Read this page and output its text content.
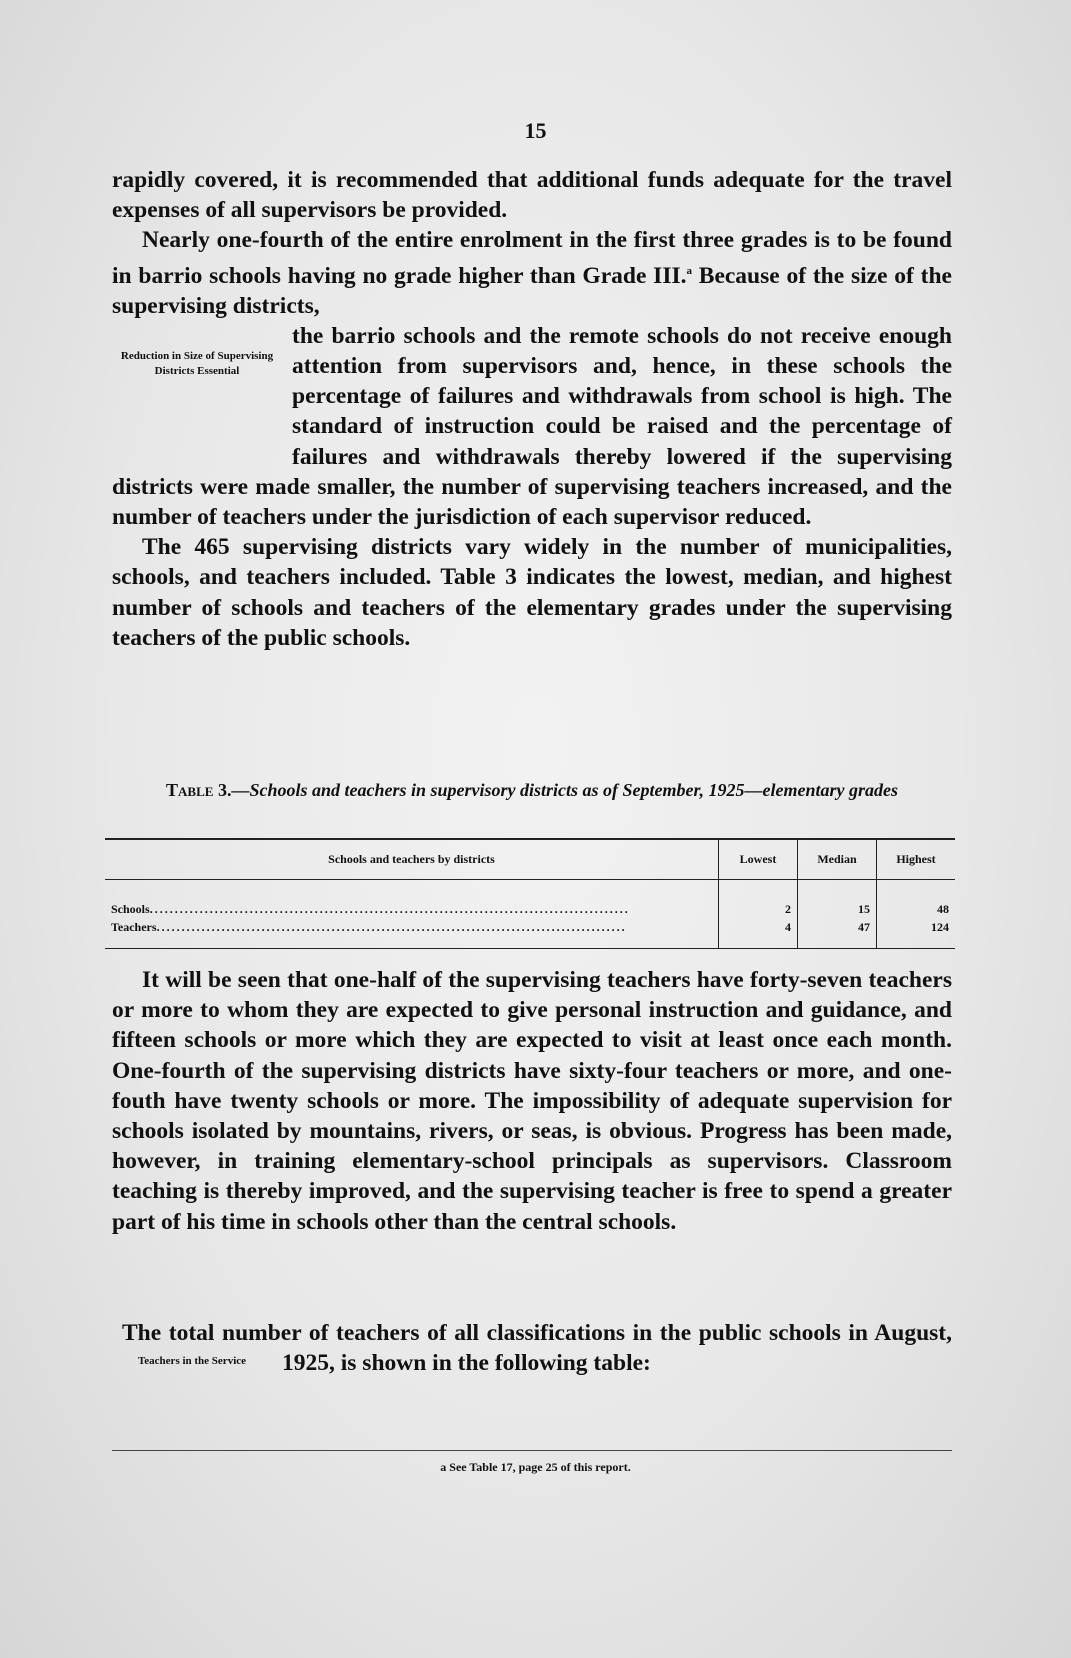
15

rapidly covered, it is recommended that additional funds adequate for the travel expenses of all supervisors be provided.

Nearly one-fourth of the entire enrolment in the first three grades is to be found in barrio schools having no grade higher than Grade III.$^a$ Because of the size of the supervising districts,

Reduction in Size of Supervising Districts Essential

the barrio schools and the remote schools do not receive enough attention from supervisors and, hence, in these schools the percentage of failures and withdrawals from school is high. The standard of instruction could be raised and the percentage of failures and withdrawals thereby lowered if the supervising districts were made smaller, the number of supervising teachers increased, and the number of teachers under the jurisdiction of each supervisor reduced.

The 465 supervising districts vary widely in the number of municipalities, schools, and teachers included. Table 3 indicates the lowest, median, and highest number of schools and teachers of the elementary grades under the supervising teachers of the public schools.

Table 3.—Schools and teachers in supervisory districts as of September, 1925—elementary grades
Schools and teachers by districts	Lowest	Median	Highest
Schools................................................................................................	2	15	48
Teachers..............................................................................................	4	47	124

It will be seen that one-half of the supervising teachers have forty-seven teachers or more to whom they are expected to give personal instruction and guidance, and fifteen schools or more which they are expected to visit at least once each month. One-fourth of the supervising districts have sixty-four teachers or more, and one-fouth have twenty schools or more. The impossibility of adequate supervision for schools isolated by mountains, rivers, or seas, is obvious. Progress has been made, however, in training elementary-school principals as supervisors. Classroom teaching is thereby improved, and the supervising teacher is free to spend a greater part of his time in schools other than the central schools.

Teachers in the Service

The total number of teachers of all classifications in the public schools in August, 1925, is shown in the following table:

a See Table 17, page 25 of this report.
